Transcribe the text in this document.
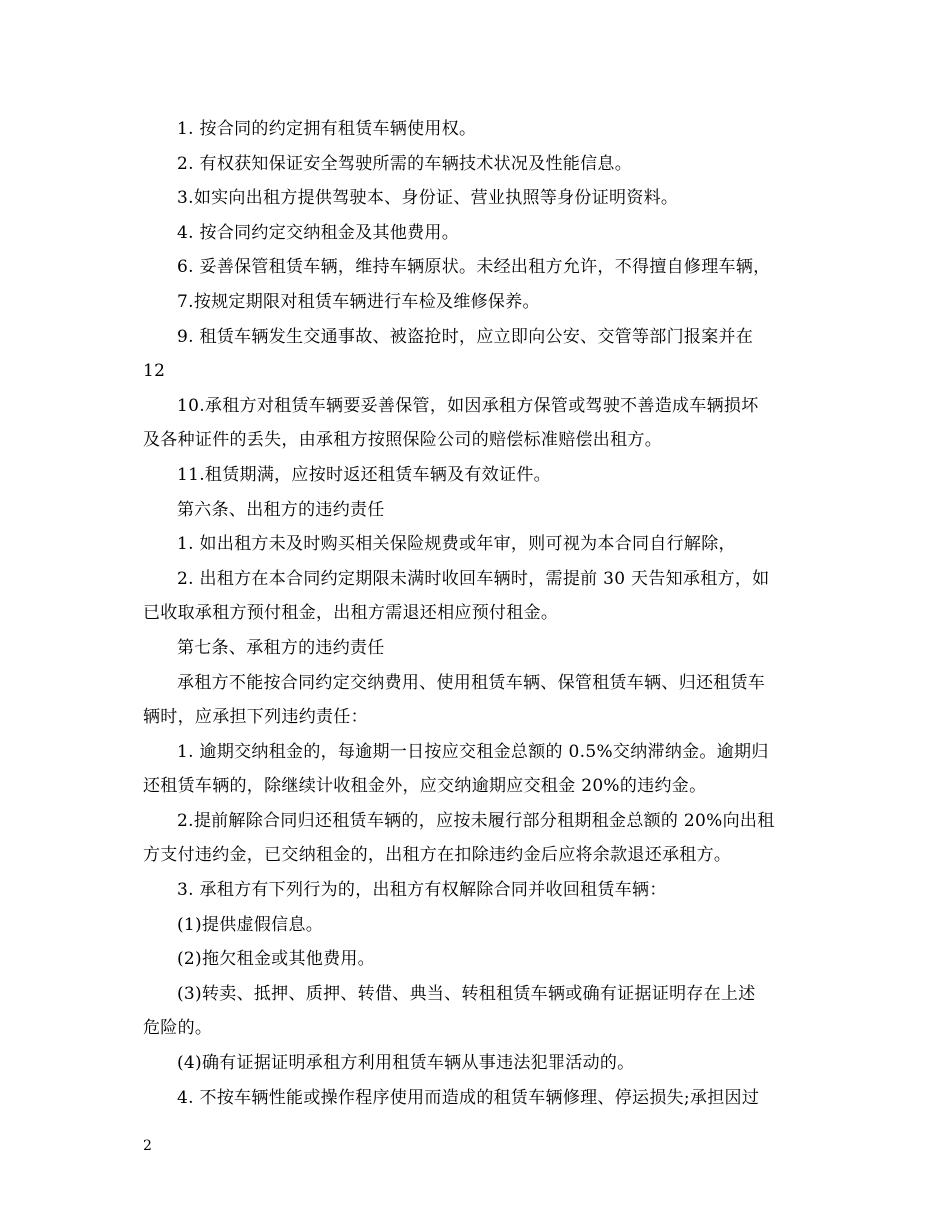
1. 按合同的约定拥有租赁车辆使用权。
2. 有权获知保证安全驾驶所需的车辆技术状况及性能信息。
3.如实向出租方提供驾驶本、身份证、营业执照等身份证明资料。
4. 按合同约定交纳租金及其他费用。
6. 妥善保管租赁车辆，维持车辆原状。未经出租方允许，不得擅自修理车辆，
7.按规定期限对租赁车辆进行车检及维修保养。
9. 租赁车辆发生交通事故、被盗抢时，应立即向公安、交管等部门报案并在
12
10.承租方对租赁车辆要妥善保管，如因承租方保管或驾驶不善造成车辆损坏
及各种证件的丢失，由承租方按照保险公司的赔偿标准赔偿出租方。
11.租赁期满，应按时返还租赁车辆及有效证件。
第六条、出租方的违约责任
1. 如出租方未及时购买相关保险规费或年审，则可视为本合同自行解除，
2. 出租方在本合同约定期限未满时收回车辆时，需提前 30 天告知承租方，如
已收取承租方预付租金，出租方需退还相应预付租金。
第七条、承租方的违约责任
承租方不能按合同约定交纳费用、使用租赁车辆、保管租赁车辆、归还租赁车
辆时，应承担下列违约责任：
1. 逾期交纳租金的，每逾期一日按应交租金总额的 0.5%交纳滞纳金。逾期归
还租赁车辆的，除继续计收租金外，应交纳逾期应交租金 20%的违约金。
2.提前解除合同归还租赁车辆的，应按未履行部分租期租金总额的 20%向出租
方支付违约金，已交纳租金的，出租方在扣除违约金后应将余款退还承租方。
3. 承租方有下列行为的，出租方有权解除合同并收回租赁车辆：
(1)提供虚假信息。
(2)拖欠租金或其他费用。
(3)转卖、抵押、质押、转借、典当、转租租赁车辆或确有证据证明存在上述
危险的。
(4)确有证据证明承租方利用租赁车辆从事违法犯罪活动的。
4. 不按车辆性能或操作程序使用而造成的租赁车辆修理、停运损失;承担因过
2
